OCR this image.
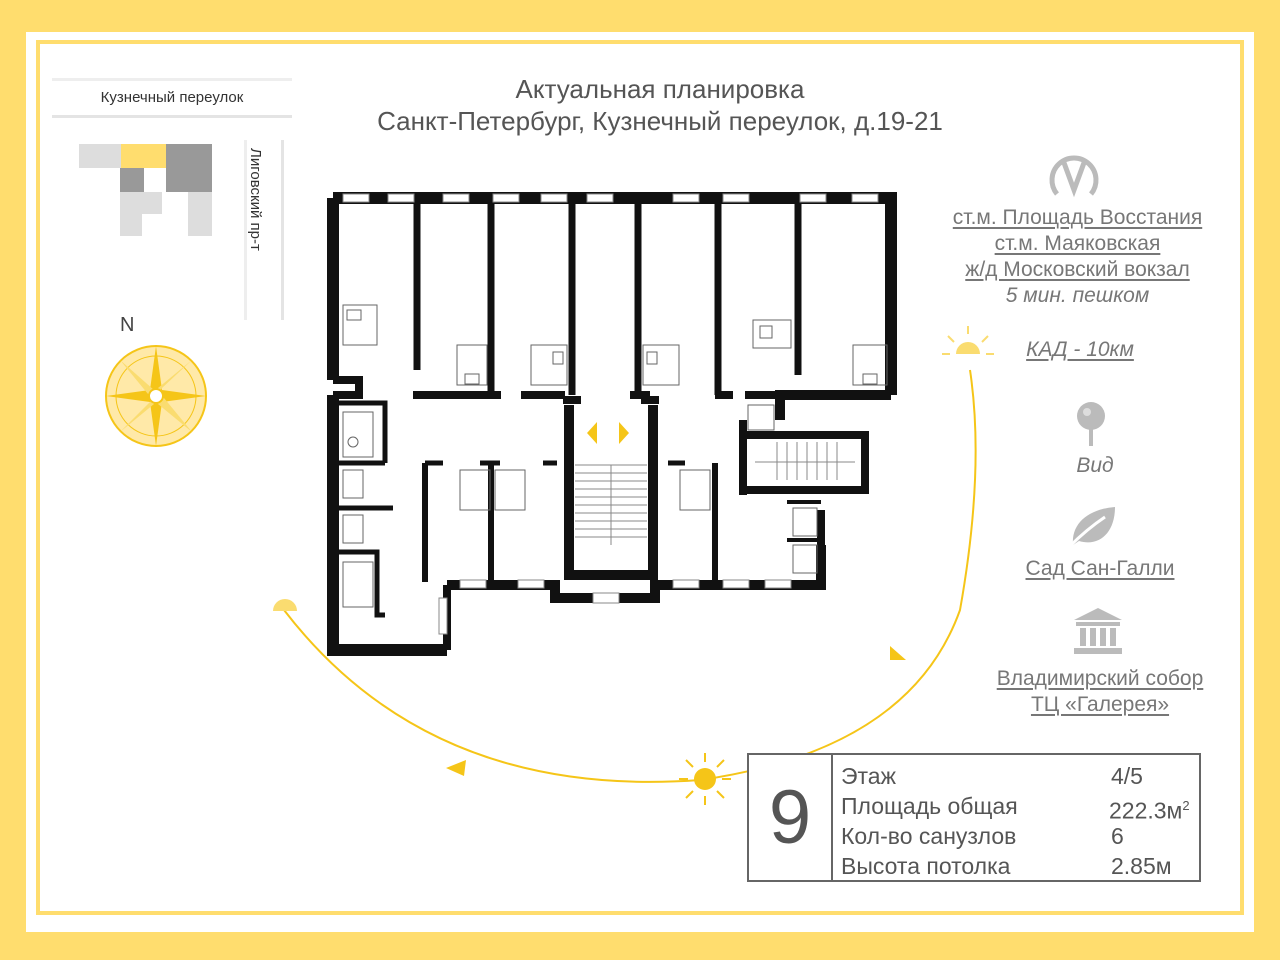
Актуальная планировка
Санкт-Петербург, Кузнечный переулок, д.19-21
Кузнечный переулок
Лиговский пр-т
N
ст.м. Площадь Восстания
ст.м. Маяковская
ж/д Московский вокзал
5 мин. пешком
КАД - 10км
Вид
Сад Сан-Галли
Владимирский собор
ТЦ «Галерея»
9	Этаж	4/5
Площадь общая	$222.3м^2$
Кол-во санузлов	6
Высота потолка	2.85м
